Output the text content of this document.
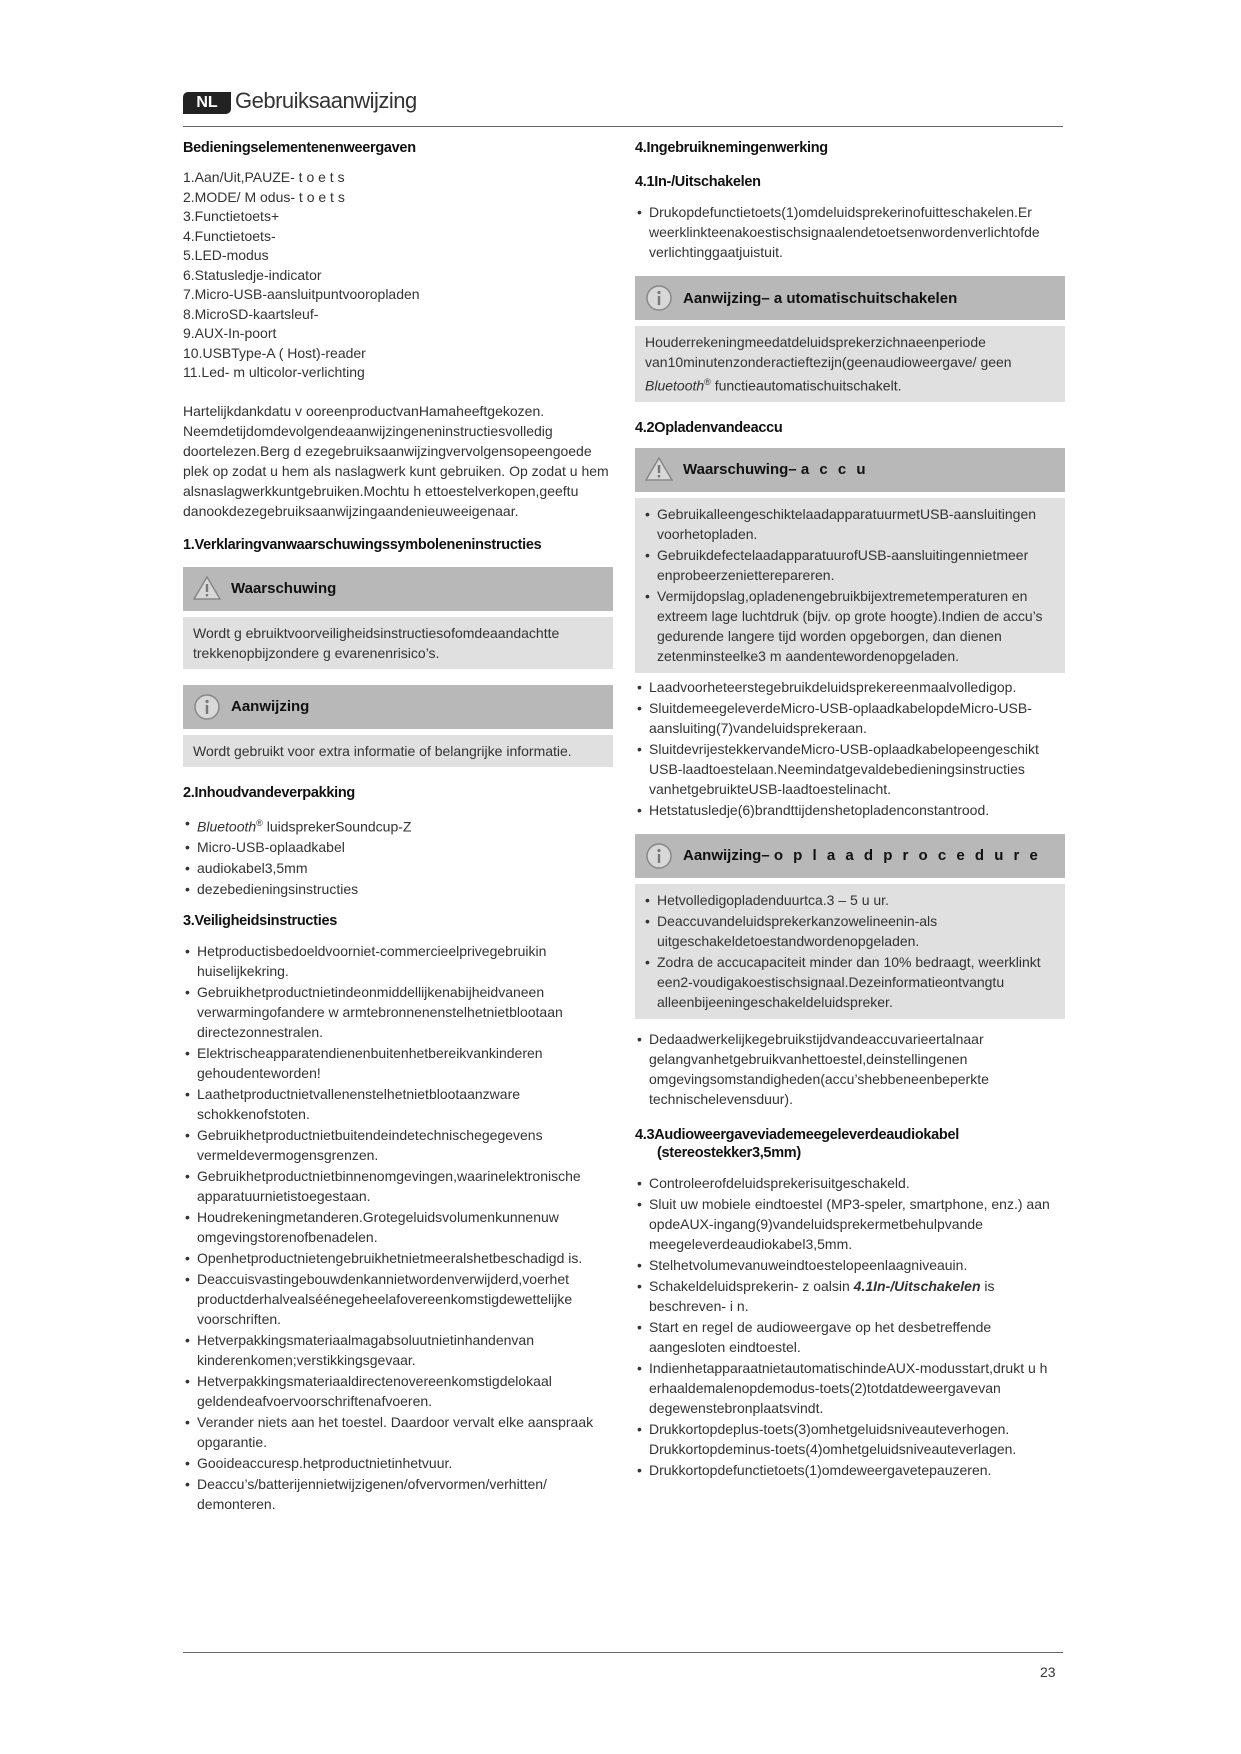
NL Gebruiksaanwijzing
Bedieningselementenenweergaven
1.Aan/Uit,PAUZE- t o e t s
2.MODE/ M odus- t o e t s
3.Functietoets+
4.Functietoets-
5.LED-modus
6.Statusledje-indicator
7.Micro-USB-aansluitpuntvooropladen
8.MicroSD-kaartsleuf-
9.AUX-In-poort
10.USBType-A ( Host)-reader
11.Led- m ulticolor-verlichting

Hartelijkdankdatu v ooreenproductvanHamaheeftgekozen. Neemdetijdomdevolgendeaanwijzingeneninstructiesvolledig doortelezen.Berg d ezegebruiksaanwijzingvervolgensopeengoede plek op zodat u hem als naslagwerk kunt gebruiken. Op zodat u hem alsnaslagwerkkuntgebruiken.Mochtu h ettoestelverkopen,geeftu danookdezegebruiksaanwijzingaandenieuweeigenaar.

1.Verklaringvanwaarschuwingssymboleneninstructies
Waarschuwing
Wordt g ebruiktvoorveiligheidsinstructiesofomdeaandachtte trekkenopbijzondere g evarenenrisico’s.
Aanwijzing
Wordt gebruikt voor extra informatie of belangrijke informatie.
2.Inhoudvandeverpakking
• Bluetooth® luidsprekerSoundcup-Z
• Micro-USB-oplaadkabel
• audiokabel3,5mm
• dezebedieningsinstructies
3.Veiligheidsinstructies
• Hetproductisbedoeldvoorniet-commercieelprivegebruikin huiselijkekring.
• Gebruikhetproductnietindeonmiddellijkenabijheidvaneen verwarmingofandere w armtebronnenenstelhetnietblootaan directezonnestralen.
• Elektrischeapparatendienenbuitenhetbereikvankinderen gehoudenteworden!
• Laathetproductnietvallenenstelhetnietblootaanzware schokkenofstoten.
• Gebruikhetproductnietbuitendeindetechnischegegevens vermeldevermogensgrenzen.
• Gebruikhetproductnietbinnenomgevingen,waarinelektronische apparatuurnietistoegestaan.
• Houdrekeningmetanderen.Grotegeluidsvolumenkunnenuw omgevingstorenofbenadelen.
• Openhetproductnietengebruikhetnietmeeralshetbeschadigd is.
• Deaccuisvastingebouwdenkannietwordenverwijderd,voerhet productderhalvealséénegeheelafovereenkomstigdewettelijke voorschriften.
• Hetverpakkingsmateriaalmagabsoluutnietinhandenvan kinderenkomen;verstikkingsgevaar.
• Hetverpakkingsmateriaaldirectenovereenkomstigdelokaal geldendeafvoervoorschriftenafvoeren.
• Verander niets aan het toestel. Daardoor vervalt elke aanspraak opgarantie.
• Gooideaccuresp.hetproductnietinhetvuur.
• Deaccu’s/batterijennietwijzigenen/ofvervormen/verhitten/ demonteren.
4.Ingebruiknemingenwerking
4.1In-/Uitschakelen
• Drukopdefunctietoets(1)omdeluidsprekerinofuitteschakelen.Er weerklinkteenakoestischsignaalendetoetsenwordenverlichtofde verlichtinggaatjuistuit.
Aanwijzing– a utomatischuitschakelen
Houderrekeningmeedatdeluidsprekerzichnaeenperiode van10minutenzonderactieftezijn(geenaudioweergave/ geen Bluetooth® functieautomatischuitschakelt.
4.2Opladenvandeaccu
Waarschuwing– a c c u
• GebruikalleengeschiktelaadapparatuurmetUSB-aansluitingen voorhetopladen.
• GebruikdefectelaadapparatuurofUSB-aansluitingennietmeer enprobeerzenietterepareren.
• Vermijdopslag,opladenengebruikbijextremetemperaturen en extreem lage luchtdruk (bijv. op grote hoogte).Indien de accu’s gedurende langere tijd worden opgeborgen, dan dienen zetenminsteelke3 m aandentewordenopgeladen.
• Laadvoorheteerstegebruikdeluidsprekereenmaalvolledigop.
• SluitdemeegeleverdeMicro-USB-oplaadkabelopdeMicro-USB- aansluiting(7)vandeluidsprekeraan.
• SluitdevrijestekkervandeMicro-USB-oplaadkabelopeengeschikt USB-laadtoestelaan.Neemindatgevaldebedieningsinstructies vanhetgebruikteUSB-laadtoestelinacht.
• Hetstatusledje(6)brandttijdenshetopladenconstantrood.
Aanwijzing– o p l a a d p r o c e d u r e
• Hetvolledigopladenduurtca.3 – 5 u ur.
• Deaccuvandeluidsprekerkanzowelineenin-als uitgeschakeldetoestandwordenopgeladen.
• Zodra de accucapaciteit minder dan 10% bedraagt, weerklinkt een2-voudigakoestischsignaal.Dezeinformatieontvangtu alleenbijeeningeschakeldeluidspreker.
• Dedaadwerkelijkegebruikstijdvandeaccuvarieertalnaar gelangvanhetgebruikvanhettoestel,deinstellingenen omgevingsomstandigheden(accu’shebbeneenbeperkte technischelevensduur).
4.3Audioweergaveviademeegeleverdeaudiokabel
(stereostekker3,5mm)
• Controleerofdeluidsprekerisuitgeschakeld.
• Sluit uw mobiele eindtoestel (MP3-speler, smartphone, enz.) aan opdeAUX-ingang(9)vandeluidsprekermetbehulpvande meegeleverdeaudiokabel3,5mm.
• Stelhetvolumevanuweindtoestelopeenlaagniveauin.
• Schakeldeluidsprekerin- z oalsin 4.1In-/Uitschakelen is beschreven- i n.
• Start en regel de audioweergave op het desbetreffende aangesloten eindtoestel.
• IndienhetapparaatnietautomatischindeAUX-modusstart,drukt u h erhaaldemalenopdemodus-toets(2)totdatdeweergavevan degewenstebronplaatsvindt.
• Drukkortopdeplus-toets(3)omhetgeluidsniveauteverhogen. Drukkortopdeminus-toets(4)omhetgeluidsniveauteverlagen.
• Drukkortopdefunctietoets(1)omdeweergavetepauzeren.
23
